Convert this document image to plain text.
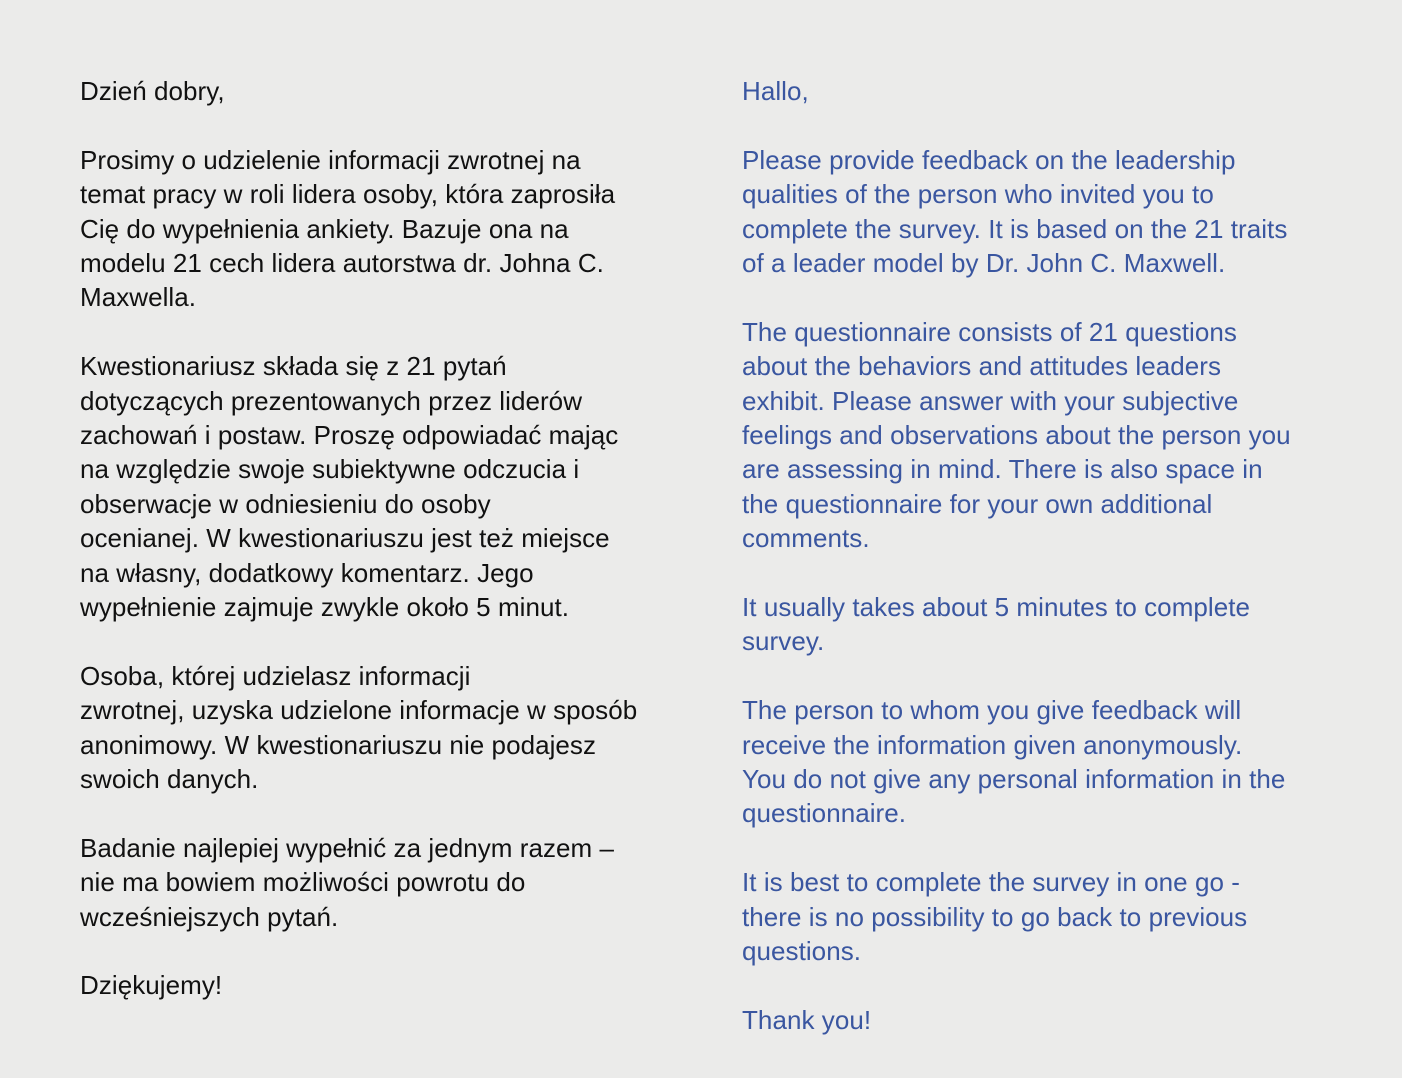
Dzień dobry,
Prosimy o udzielenie informacji zwrotnej na
temat pracy w roli lidera osoby, która zaprosiła
Cię do wypełnienia ankiety. Bazuje ona na
modelu 21 cech lidera autorstwa dr. Johna C.
Maxwella.
Kwestionariusz składa się z 21 pytań
dotyczących prezentowanych przez liderów
zachowań i postaw. Proszę odpowiadać mając
na względzie swoje subiektywne odczucia i
obserwacje w odniesieniu do osoby
ocenianej. W kwestionariuszu jest też miejsce
na własny, dodatkowy komentarz. Jego
wypełnienie zajmuje zwykle około 5 minut.
Osoba, której udzielasz informacji
zwrotnej, uzyska udzielone informacje w sposób
anonimowy. W kwestionariuszu nie podajesz
swoich danych.
Badanie najlepiej wypełnić za jednym razem –
nie ma bowiem możliwości powrotu do
wcześniejszych pytań.
Dziękujemy!
Hallo,
Please provide feedback on the leadership
qualities of the person who invited you to
complete the survey. It is based on the 21 traits
of a leader model by Dr. John C. Maxwell.
The questionnaire consists of 21 questions
about the behaviors and attitudes leaders
exhibit. Please answer with your subjective
feelings and observations about the person you
are assessing in mind. There is also space in
the questionnaire for your own additional
comments.
It usually takes about 5 minutes to complete
survey.
The person to whom you give feedback will
receive the information given anonymously.
You do not give any personal information in the
questionnaire.
It is best to complete the survey in one go -
there is no possibility to go back to previous
questions.
Thank you!
